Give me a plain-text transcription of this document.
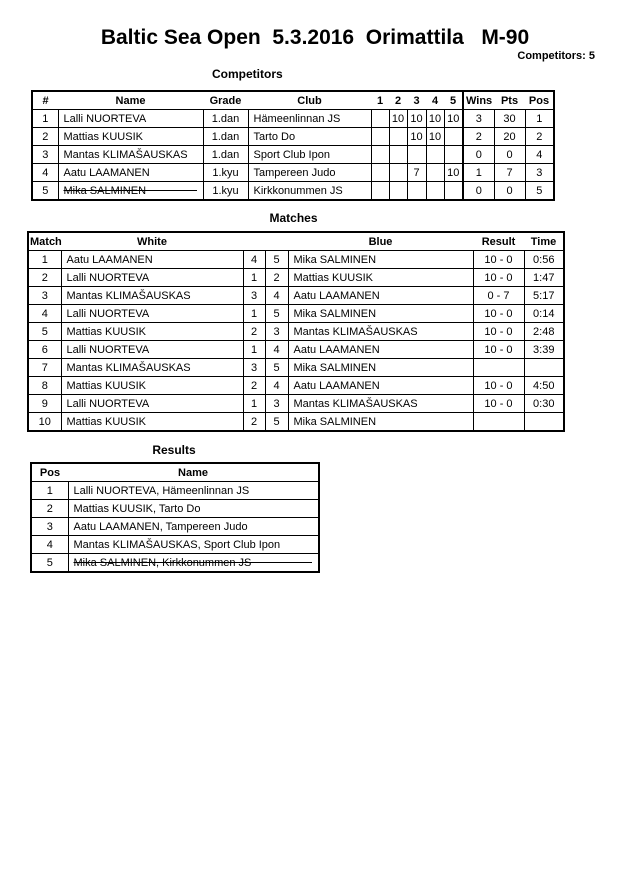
Baltic Sea Open  5.3.2016  Orimattila   M-90
Competitors: 5
Competitors
#	Name	Grade	Club	1	2	3	4	5	Wins	Pts	Pos
1	Lalli NUORTEVA	1.dan	Hämeenlinnan JS		10	10	10	10	3	30	1
2	Mattias KUUSIK	1.dan	Tarto Do			10	10		2	20	2
3	Mantas KLIMAŠAUSKAS	1.dan	Sport Club Ipon						0	0	4
4	Aatu LAAMANEN	1.kyu	Tampereen Judo			7		10	1	7	3
5	Mika SALMINEN	1.kyu	Kirkkonummen JS						0	0	5
Matches
Match	White			Blue	Result	Time
1	Aatu LAAMANEN	4	5	Mika SALMINEN	10 - 0	0:56
2	Lalli NUORTEVA	1	2	Mattias KUUSIK	10 - 0	1:47
3	Mantas KLIMAŠAUSKAS	3	4	Aatu LAAMANEN	0 - 7	5:17
4	Lalli NUORTEVA	1	5	Mika SALMINEN	10 - 0	0:14
5	Mattias KUUSIK	2	3	Mantas KLIMAŠAUSKAS	10 - 0	2:48
6	Lalli NUORTEVA	1	4	Aatu LAAMANEN	10 - 0	3:39
7	Mantas KLIMAŠAUSKAS	3	5	Mika SALMINEN		
8	Mattias KUUSIK	2	4	Aatu LAAMANEN	10 - 0	4:50
9	Lalli NUORTEVA	1	3	Mantas KLIMAŠAUSKAS	10 - 0	0:30
10	Mattias KUUSIK	2	5	Mika SALMINEN		
Results
Pos	Name
1	Lalli NUORTEVA, Hämeenlinnan JS

2	Mattias KUUSIK, Tarto Do

3	Aatu LAAMANEN, Tampereen Judo

4	Mantas KLIMAŠAUSKAS, Sport Club Ipon

5	Mika SALMINEN, Kirkkonummen JS
